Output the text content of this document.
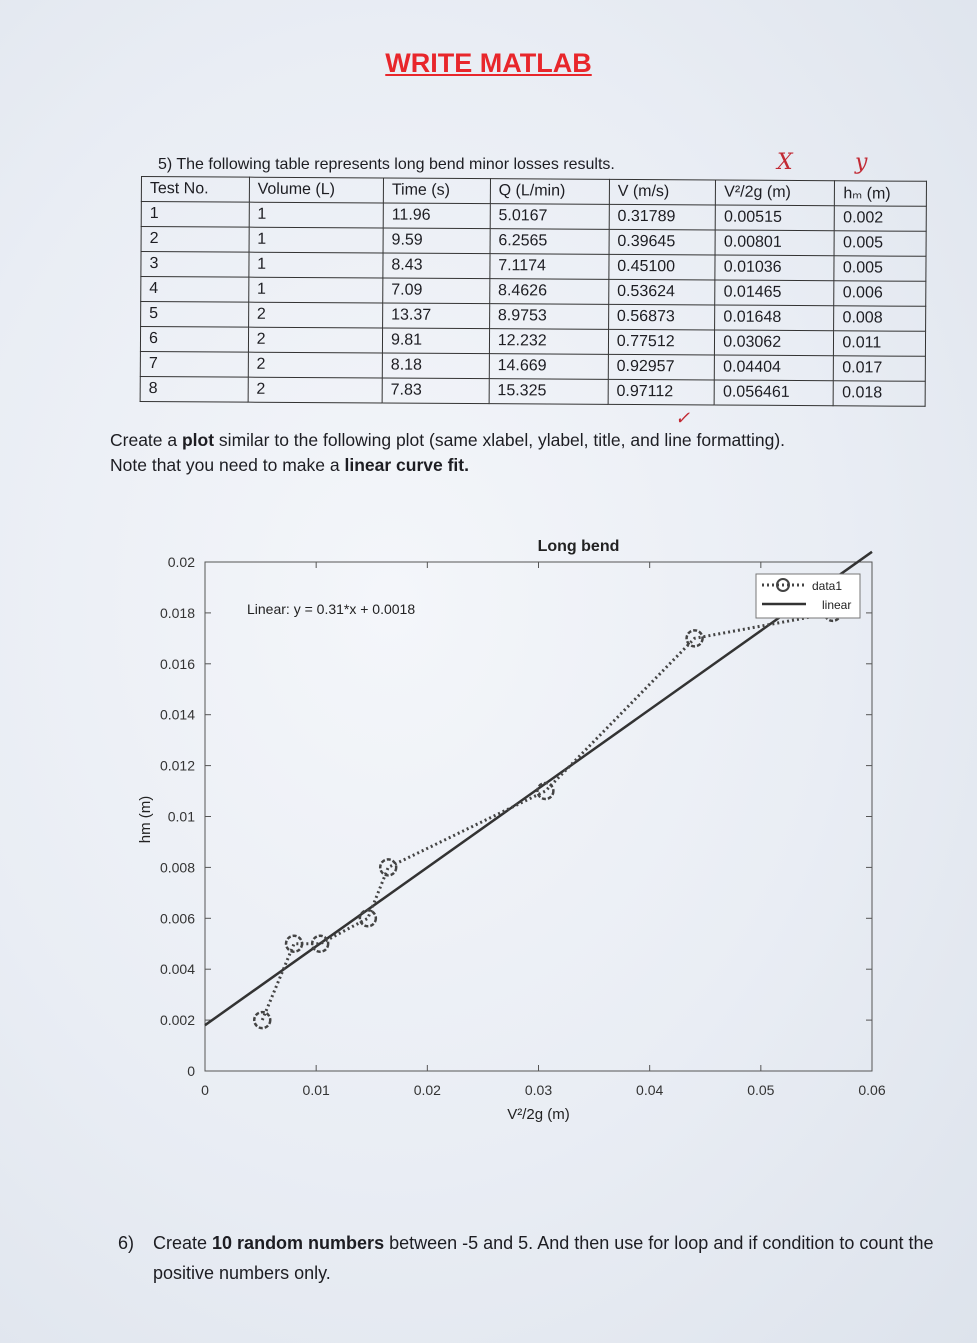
WRITE MATLAB
5) The following table represents long bend minor losses results.	X	y
Test No.	Volume (L)	Time (s)	Q (L/min)	V (m/s)	V²/2g (m)	hₘ (m)
1	1	11.96	5.0167	0.31789	0.00515	0.002
2	1	9.59	6.2565	0.39645	0.00801	0.005
3	1	8.43	7.1174	0.45100	0.01036	0.005
4	1	7.09	8.4626	0.53624	0.01465	0.006
5	2	13.37	8.9753	0.56873	0.01648	0.008
6	2	9.81	12.232	0.77512	0.03062	0.011
7	2	8.18	14.669	0.92957	0.04404	0.017
8	2	7.83	15.325	0.97112	0.056461	0.018
✓
Create a plot similar to the following plot (same xlabel, ylabel, title, and line formatting).
Note that you need to make a linear curve fit.
0	0.01	0.02	0.03	0.04	0.05	0.06
0
0.002
0.004
0.006
0.008
0.01
0.012
0.014
0.016
0.018
0.02
Long bend
V²/2g (m)
hm (m)
Linear: y = 0.31*x + 0.0018
data1
linear
6) Create 10 random numbers between -5 and 5. And then use for loop and if condition to count the positive numbers only.
